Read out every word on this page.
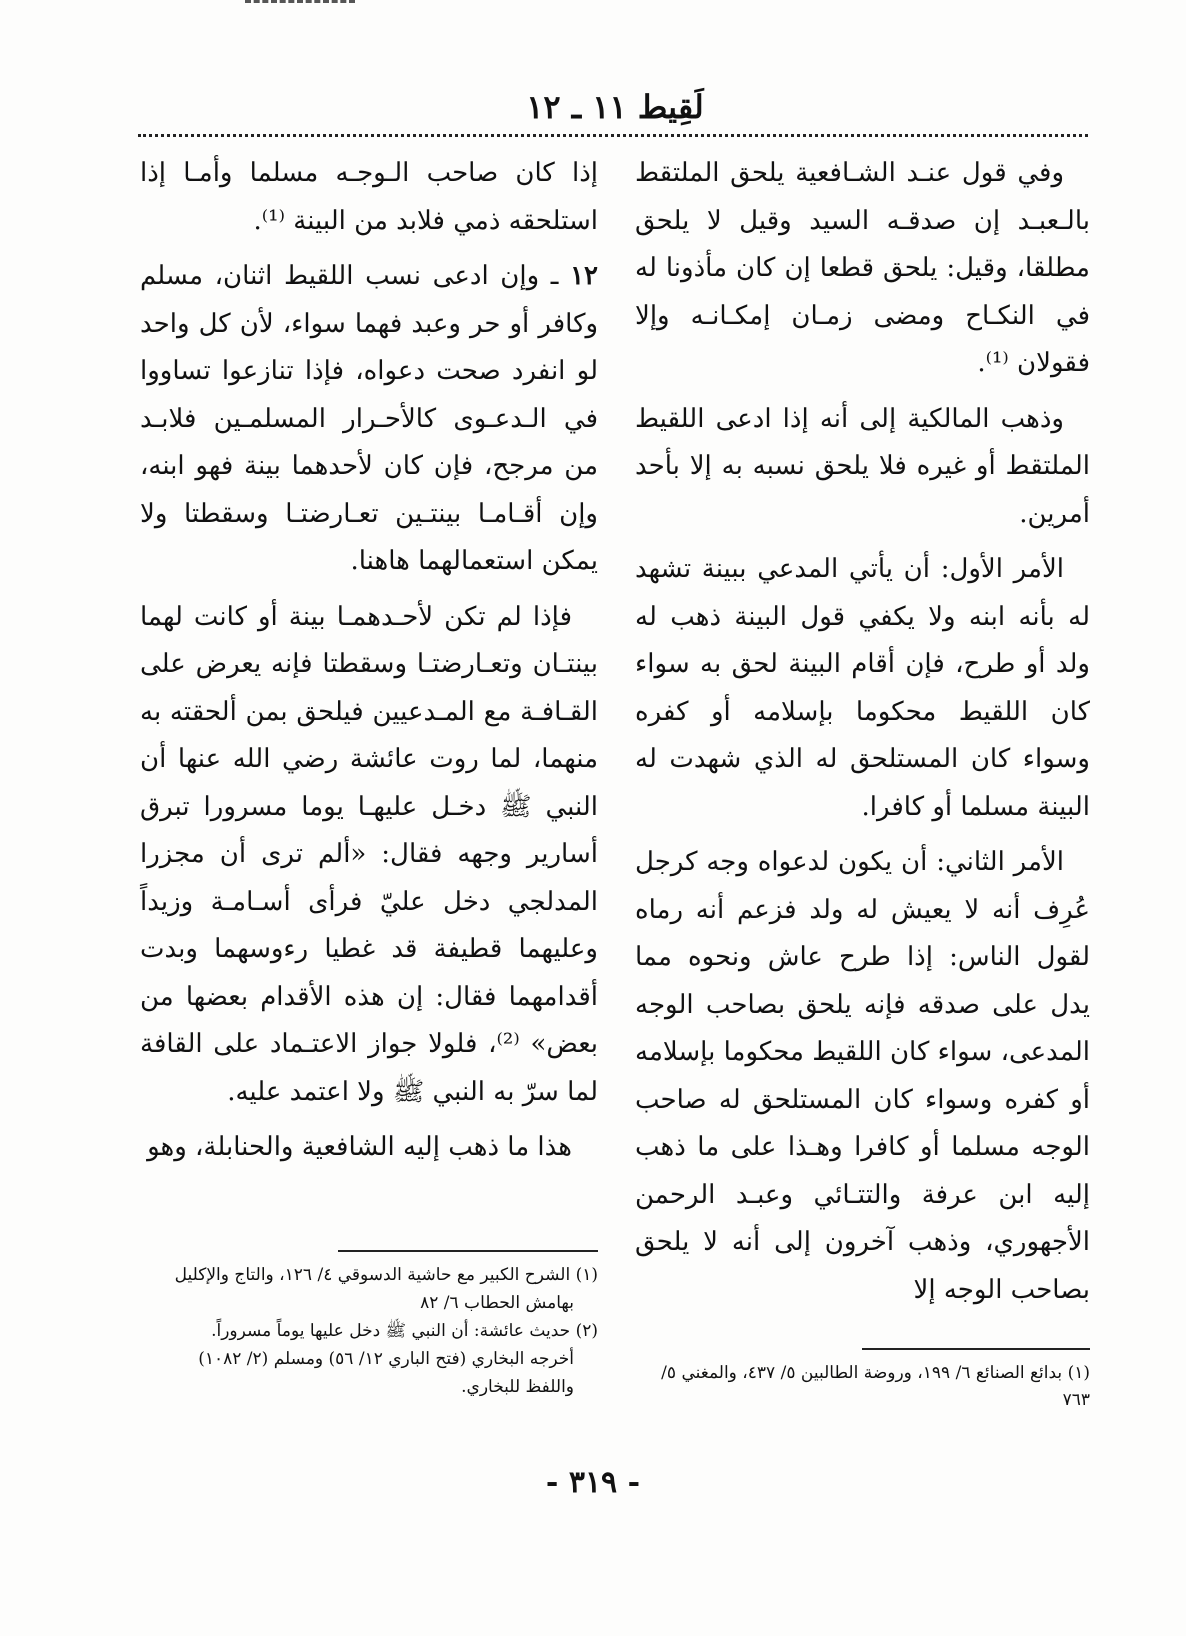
لَقِيط ١١ ـ ١٢

وفي قول عنـد الشـافعية يلحق الملتقط بالـعبـد إن صدقـه السيد وقيل لا يلحق مطلقا، وقيل: يلحق قطعا إن كان مأذونا له في النكـاح ومضى زمـان إمكـانـه وإلا فقولان ⁽¹⁾.

وذهب المالكية إلى أنه إذا ادعى اللقيط الملتقط أو غيره فلا يلحق نسبه به إلا بأحد أمرين.

الأمر الأول: أن يأتي المدعي ببينة تشهد له بأنه ابنه ولا يكفي قول البينة ذهب له ولد أو طرح، فإن أقام البينة لحق به سواء كان اللقيط محكوما بإسلامه أو كفره وسواء كان المستلحق له الذي شهدت له البينة مسلما أو كافرا.

الأمر الثاني: أن يكون لدعواه وجه كرجل عُرِف أنه لا يعيش له ولد فزعم أنه رماه لقول الناس: إذا طرح عاش ونحوه مما يدل على صدقه فإنه يلحق بصاحب الوجه المدعى، سواء كان اللقيط محكوما بإسلامه أو كفره وسواء كان المستلحق له صاحب الوجه مسلما أو كافرا وهـذا على ما ذهب إليه ابن عرفة والتتـائي وعبـد الرحمن الأجهوري، وذهب آخرون إلى أنه لا يلحق بصاحب الوجه إلا

إذا كان صاحب الـوجـه مسلما وأمـا إذا استلحقه ذمي فلابد من البينة ⁽¹⁾.

١٢ ـ وإن ادعى نسب اللقيط اثنان، مسلم وكافر أو حر وعبد فهما سواء، لأن كل واحد لو انفرد صحت دعواه، فإذا تنازعوا تساووا في الـدعـوى كالأحـرار المسلمـين فلابـد من مرجح، فإن كان لأحدهما بينة فهو ابنه، وإن أقـامـا بينتـين تعـارضتـا وسقطتا ولا يمكن استعمالهما هاهنا.

فإذا لم تكن لأحـدهمـا بينة أو كانت لهما بينتـان وتعـارضتـا وسقطتا فإنه يعرض على القـافـة مع المـدعيين فيلحق بمن ألحقته به منهما، لما روت عائشة رضي الله عنها أن النبي ﷺ دخـل عليهـا يوما مسرورا تبرق أسارير وجهه فقال: «ألم ترى أن مجزرا المدلجي دخل عليّ فرأى أسـامـة وزيداً وعليهما قطيفة قد غطيا رءوسهما وبدت أقدامهما فقال: إن هذه الأقدام بعضها من بعض» ⁽²⁾، فلولا جواز الاعتـماد على القافة لما سرّ به النبي ﷺ ولا اعتمد عليه.

هذا ما ذهب إليه الشافعية والحنابلة، وهو

(١) الشرح الكبير مع حاشية الدسوقي ٤/ ١٢٦، والتاج والإكليل
بهامش الحطاب ٦/ ٨٢
(٢) حديث عائشة: أن النبي ﷺ دخل عليها يوماً مسروراً.
أخرجه البخاري (فتح الباري ١٢/ ٥٦) ومسلم (٢/ ١٠٨٢)
واللفظ للبخاري.
(١) بدائع الصنائع ٦/ ١٩٩، وروضة الطالبين ٥/ ٤٣٧، والمغني ٥/ ٧٦٣
- ٣١٩ -
